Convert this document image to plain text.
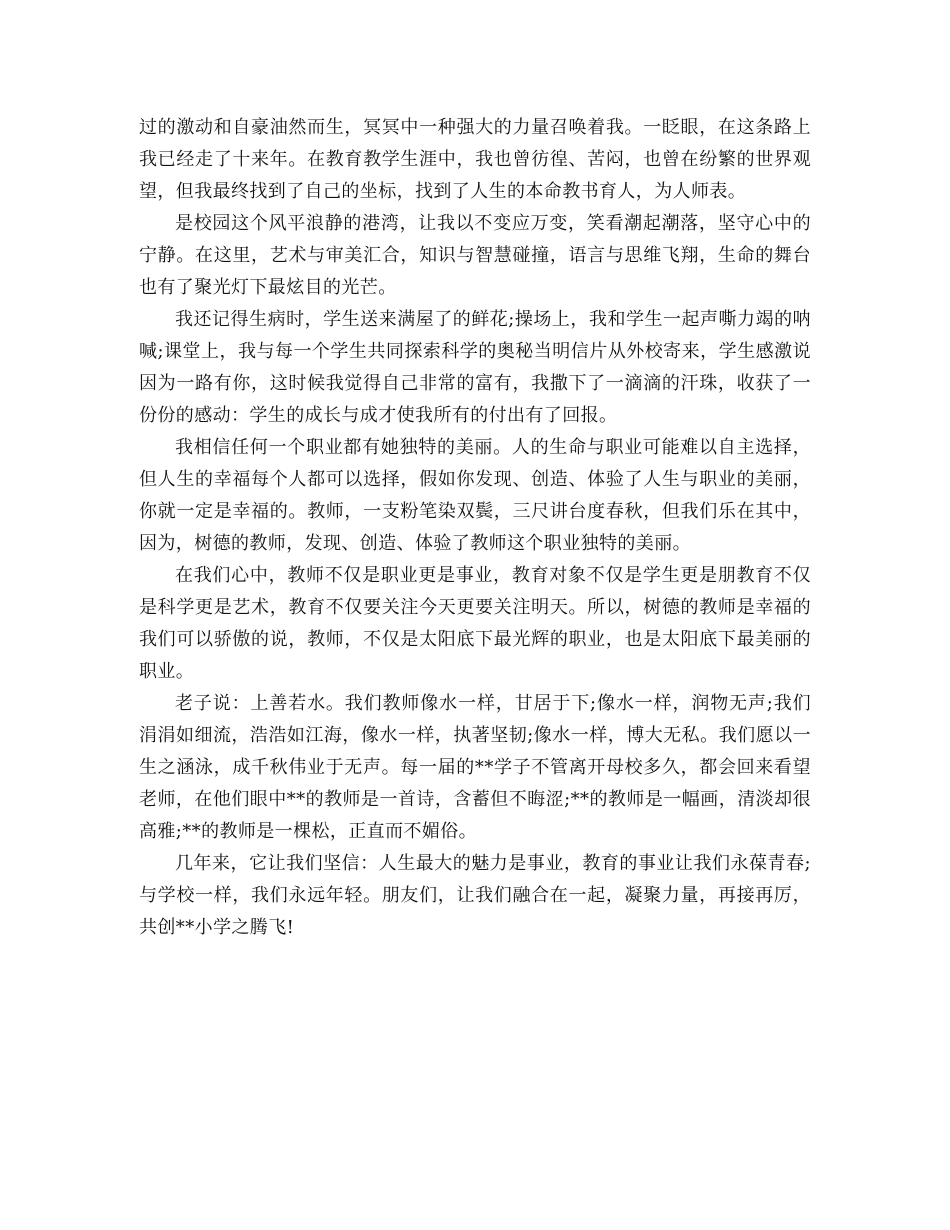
过的激动和自豪油然而生，冥冥中一种强大的力量召唤着我。一眨眼，在这条路上我已经走了十来年。在教育教学生涯中，我也曾彷徨、苦闷，也曾在纷繁的世界观望，但我最终找到了自己的坐标，找到了人生的本命教书育人，为人师表。

是校园这个风平浪静的港湾，让我以不变应万变，笑看潮起潮落，坚守心中的宁静。在这里，艺术与审美汇合，知识与智慧碰撞，语言与思维飞翔，生命的舞台也有了聚光灯下最炫目的光芒。

我还记得生病时，学生送来满屋了的鲜花;操场上，我和学生一起声嘶力竭的呐喊;课堂上，我与每一个学生共同探索科学的奥秘当明信片从外校寄来，学生感激说因为一路有你，这时候我觉得自己非常的富有，我撒下了一滴滴的汗珠，收获了一份份的感动：学生的成长与成才使我所有的付出有了回报。

我相信任何一个职业都有她独特的美丽。人的生命与职业可能难以自主选择，但人生的幸福每个人都可以选择，假如你发现、创造、体验了人生与职业的美丽，你就一定是幸福的。教师，一支粉笔染双鬓，三尺讲台度春秋，但我们乐在其中，因为，树德的教师，发现、创造、体验了教师这个职业独特的美丽。

在我们心中，教师不仅是职业更是事业，教育对象不仅是学生更是朋教育不仅是科学更是艺术，教育不仅要关注今天更要关注明天。所以，树德的教师是幸福的我们可以骄傲的说，教师，不仅是太阳底下最光辉的职业，也是太阳底下最美丽的职业。

老子说：上善若水。我们教师像水一样，甘居于下;像水一样，润物无声;我们涓涓如细流，浩浩如江海，像水一样，执著坚韧;像水一样，博大无私。我们愿以一生之涵泳，成千秋伟业于无声。每一届的**学子不管离开母校多久，都会回来看望老师，在他们眼中**的教师是一首诗，含蓄但不晦涩;**的教师是一幅画，清淡却很高雅;**的教师是一棵松，正直而不媚俗。

几年来，它让我们坚信：人生最大的魅力是事业，教育的事业让我们永葆青春;与学校一样，我们永远年轻。朋友们，让我们融合在一起，凝聚力量，再接再厉，共创**小学之腾飞!
